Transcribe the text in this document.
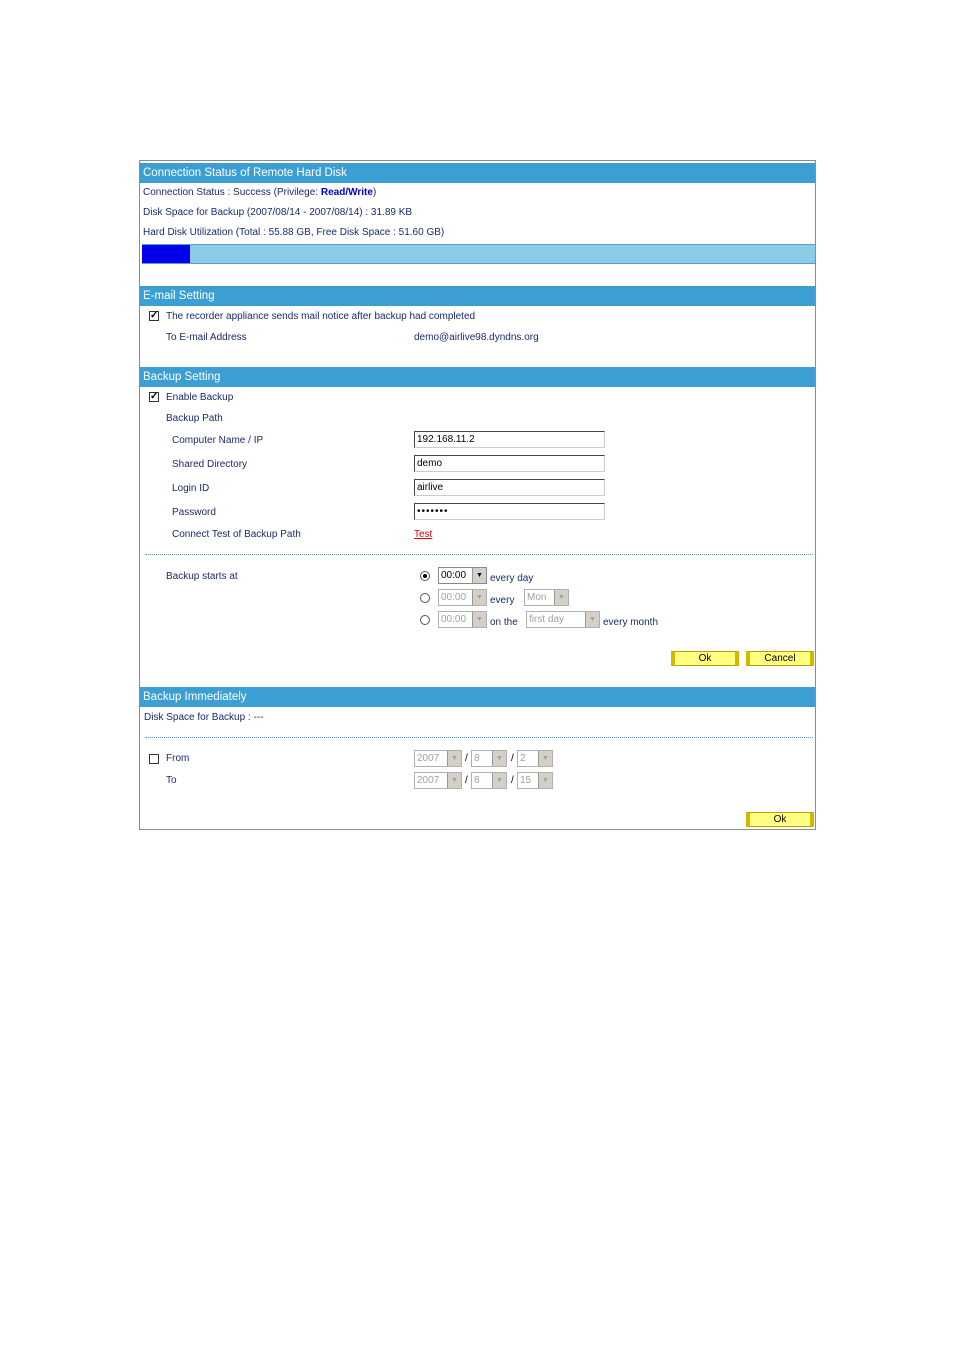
Connection Status of Remote Hard Disk
Connection Status : Success (Privilege: Read/Write)
Disk Space for Backup (2007/08/14 - 2007/08/14) : 31.89 KB
Hard Disk Utilization (Total : 55.88 GB, Free Disk Space : 51.60 GB)
E-mail Setting
✓ The recorder appliance sends mail notice after backup had completed
To E-mail Address	demo@airlive98.dyndns.org
Backup Setting
✓ Enable Backup
Backup Path
Computer Name / IP	192.168.11.2
Shared Directory	demo
Login ID	airlive
Password	•••••••
Connect Test of Backup Path	Test
Backup starts at	00:00	▼ every day
00:00	▼ every	Mon	▼
00:00	▼ on the	first day	▼ every month
Ok	Cancel
Backup Immediately
Disk Space for Backup : ---
From	2007	▼ / 8	▼ / 2	▼
To	2007	▼ / 8	▼ / 15	▼
Ok
